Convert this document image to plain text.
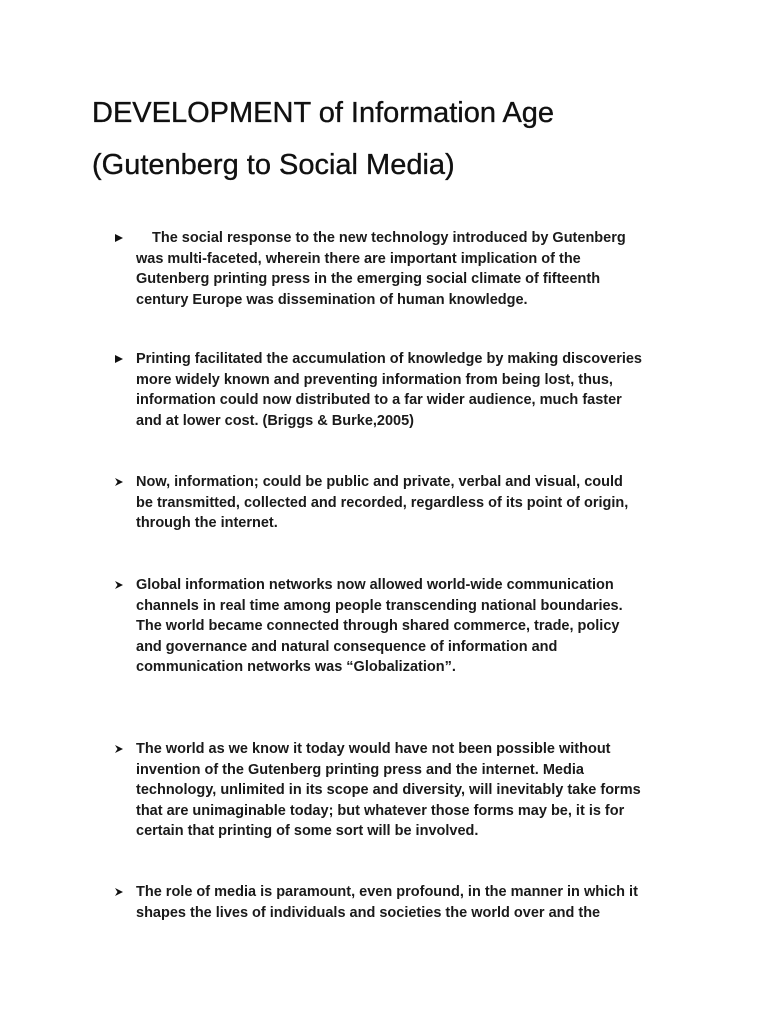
DEVELOPMENT of Information Age
(Gutenberg to Social Media)
The social response to the new technology introduced by Gutenberg
was multi-faceted, wherein there are important implication of the
Gutenberg printing press in the emerging social climate of fifteenth
century Europe was dissemination of human knowledge.
Printing facilitated the accumulation of knowledge by making discoveries
more widely known and preventing information from being lost, thus,
information could now distributed to a far wider audience, much faster
and at lower cost. (Briggs & Burke,2005)
Now, information; could be public and private, verbal and visual, could
be transmitted, collected and recorded, regardless of its point of origin,
through the internet.
Global information networks now allowed world-wide communication
channels in real time among people transcending national boundaries.
The world became connected through shared commerce, trade, policy
and governance and natural consequence of information and
communication networks was “Globalization”.
The world as we know it today would have not been possible without
invention of the Gutenberg printing press and the internet. Media
technology, unlimited in its scope and diversity, will inevitably take forms
that are unimaginable today; but whatever those forms may be, it is for
certain that printing of some sort will be involved.
The role of media is paramount, even profound, in the manner in which it
shapes the lives of individuals and societies the world over and the
